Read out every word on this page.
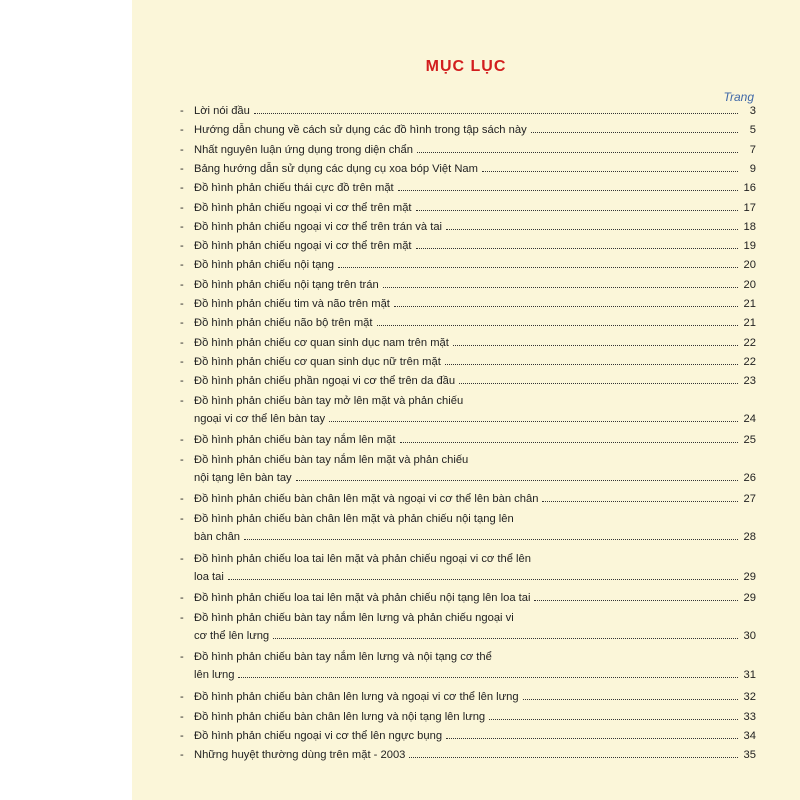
MỤC LỤC
Trang
- Lời nói đầu	3
- Hướng dẫn chung về cách sử dụng các đồ hình trong tập sách này	5
- Nhất nguyên luận ứng dụng trong diện chẩn	7
- Bảng hướng dẫn sử dụng các dụng cụ xoa bóp Việt Nam	9
- Đồ hình phản chiếu thái cực đồ trên mặt	16
- Đồ hình phản chiếu ngoại vi cơ thể trên mặt	17
- Đồ hình phản chiếu ngoại vi cơ thể trên trán và tai	18
- Đồ hình phản chiếu ngoại vi cơ thể trên mặt	19
- Đồ hình phản chiếu nội tạng	20
- Đồ hình phản chiếu nội tạng trên trán	20
- Đồ hình phản chiếu tim và não trên mặt	21
- Đồ hình phản chiếu não bộ trên mặt	21
- Đồ hình phản chiếu cơ quan sinh dục nam trên mặt	22
- Đồ hình phản chiếu cơ quan sinh dục nữ trên mặt	22
- Đồ hình phản chiếu phần ngoại vi cơ thể trên da đầu	23
- Đồ hình phản chiếu bàn tay mở lên mặt và phản chiếu
ngoại vi cơ thể lên bàn tay	24
- Đồ hình phản chiếu bàn tay nắm lên mặt	25
- Đồ hình phản chiếu bàn tay nắm lên mặt và phản chiếu
nội tạng lên bàn tay	26
- Đồ hình phản chiếu bàn chân lên mặt và ngoại vi cơ thể lên bàn chân	27
- Đồ hình phản chiếu bàn chân lên mặt và phản chiếu nội tạng lên
bàn chân	28
- Đồ hình phản chiếu loa tai lên mặt và phản chiếu ngoại vi cơ thể lên
loa tai	29
- Đồ hình phản chiếu loa tai lên mặt và phản chiếu nội tạng lên loa tai	29
- Đồ hình phản chiếu bàn tay nắm lên lưng và phản chiếu ngoại vi
cơ thể lên lưng	30
- Đồ hình phản chiếu bàn tay nắm lên lưng và nội tạng cơ thể
lên lưng	31
- Đồ hình phản chiếu bàn chân lên lưng và ngoại vi cơ thể lên lưng	32
- Đồ hình phản chiếu bàn chân lên lưng và nội tạng lên lưng	33
- Đồ hình phản chiếu ngoại vi cơ thể lên ngực bụng	34
- Những huyệt thường dùng trên mặt - 2003	35
